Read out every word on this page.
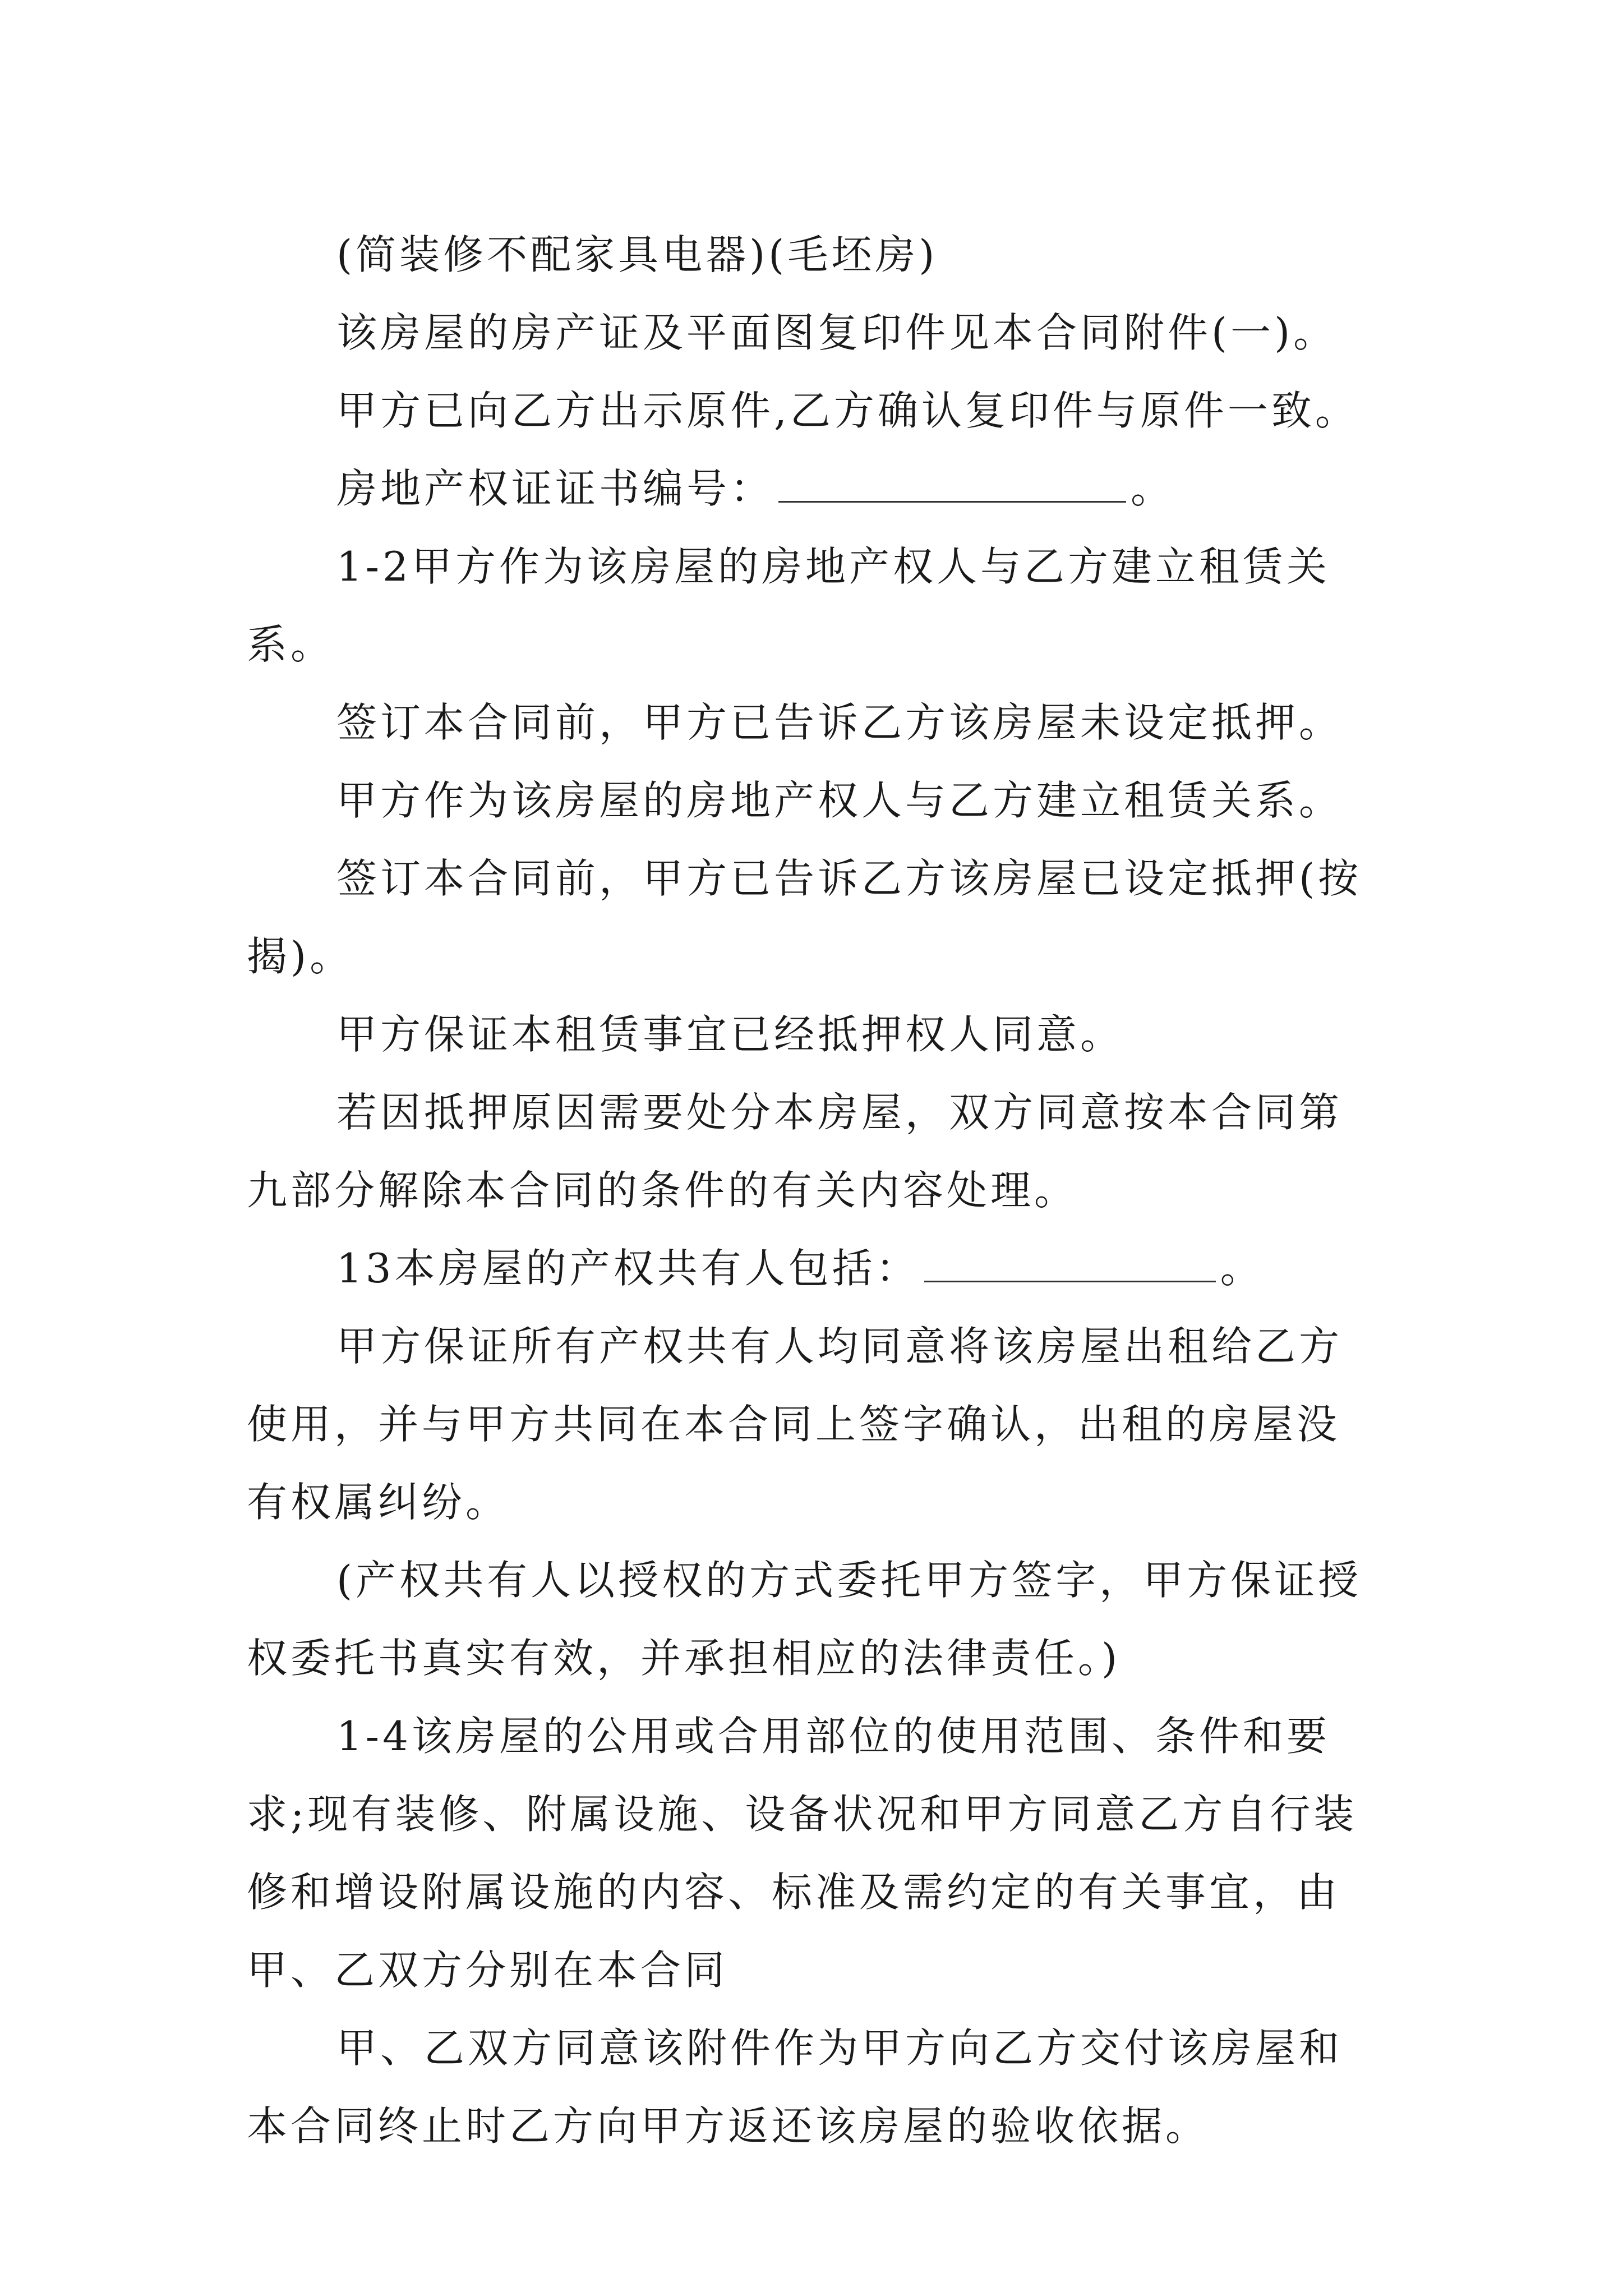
(简装修不配家具电器)(毛坯房)

该房屋的房产证及平面图复印件见本合同附件(一)。

甲方已向乙方出示原件,乙方确认复印件与原件一致。

房地产权证证书编号：	。

1-2甲方作为该房屋的房地产权人与乙方建立租赁关系。

签订本合同前，甲方已告诉乙方该房屋未设定抵押。

甲方作为该房屋的房地产权人与乙方建立租赁关系。

签订本合同前，甲方已告诉乙方该房屋已设定抵押(按揭)。

甲方保证本租赁事宜已经抵押权人同意。

若因抵押原因需要处分本房屋，双方同意按本合同第九部分解除本合同的条件的有关内容处理。

13本房屋的产权共有人包括：	。

甲方保证所有产权共有人均同意将该房屋出租给乙方使用，并与甲方共同在本合同上签字确认，出租的房屋没有权属纠纷。

(产权共有人以授权的方式委托甲方签字，甲方保证授权委托书真实有效，并承担相应的法律责任。)

1-4该房屋的公用或合用部位的使用范围、条件和要求;现有装修、附属设施、设备状况和甲方同意乙方自行装修和增设附属设施的内容、标准及需约定的有关事宜，由甲、乙双方分别在本合同

甲、乙双方同意该附件作为甲方向乙方交付该房屋和本合同终止时乙方向甲方返还该房屋的验收依据。
